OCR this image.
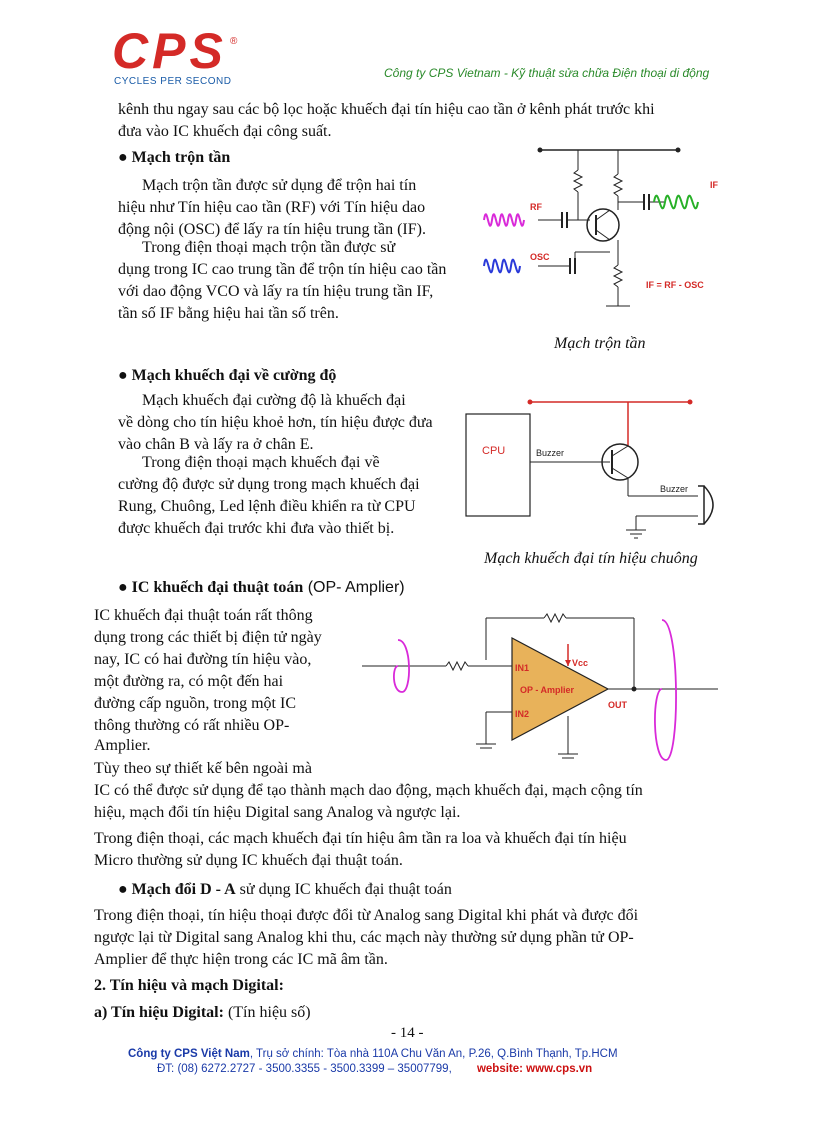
CPS ®
CYCLES PER SECOND
Công ty CPS Vietnam - Kỹ thuật sửa chữa Điện thoại di động
kênh thu ngay sau các bộ lọc hoặc khuếch đại tín hiệu cao tần ở kênh phát trước khi
đưa vào IC khuếch đại công suất.
● Mạch trộn tần
Mạch trộn tần được sử dụng để trộn hai tín
hiệu như Tín hiệu cao tần (RF) với Tín hiệu dao
động nội (OSC) để lấy ra tín hiệu trung tần (IF).
Trong điện thoại mạch trộn tần được sử
dụng trong IC cao trung tần để trộn tín hiệu cao tần
với dao động VCO và lấy ra tín hiệu trung tần IF,
tần số IF bằng hiệu hai tần số trên.
RF
OSC
IF
IF = RF - OSC
Mạch trộn tần
● Mạch khuếch đại về cường độ
Mạch khuếch đại cường độ là khuếch đại
về dòng cho tín hiệu khoẻ hơn, tín hiệu được đưa
vào chân B và lấy ra ở chân E.
Trong điện thoại mạch khuếch đại về
cường độ được sử dụng trong mạch khuếch đại
Rung, Chuông, Led lệnh điều khiển ra từ CPU
được khuếch đại trước khi đưa vào thiết bị.
CPU	Buzzer
Buzzer
Mạch khuếch đại tín hiệu chuông
● IC khuếch đại thuật toán (OP- Amplier)
IC khuếch đại thuật toán rất thông
dụng trong các thiết bị điện tử ngày
nay, IC có hai đường tín hiệu vào,
một đường ra, có một đến hai
đường cấp nguồn, trong một IC
thông thường có rất nhiều OP-
Amplier.
IN1
IN2
OP - Amplier
Vcc
OUT
Tùy theo sự thiết kế bên ngoài mà
IC có thể được sử dụng để tạo thành mạch dao động, mạch khuếch đại, mạch cộng tín
hiệu, mạch đổi tín hiệu Digital sang Analog và ngược lại.
Trong điện thoại, các mạch khuếch đại tín hiệu âm tần ra loa và khuếch đại tín hiệu
Micro thường sử dụng IC khuếch đại thuật toán.
● Mạch đổi D - A sử dụng IC khuếch đại thuật toán
Trong điện thoại, tín hiệu thoại được đổi từ Analog sang Digital khi phát và được đổi
ngược lại từ Digital sang Analog khi thu, các mạch này thường sử dụng phần tử OP-
Amplier để thực hiện trong các IC mã âm tần.
2. Tín hiệu và mạch Digital:
a) Tín hiệu Digital: (Tín hiệu số)
- 14 -
Công ty CPS Việt Nam, Trụ sở chính: Tòa nhà 110A Chu Văn An, P.26, Q.Bình Thạnh, Tp.HCM
ĐT: (08) 6272.2727 - 3500.3355 - 3500.3399 – 35007799, website: www.cps.vn
